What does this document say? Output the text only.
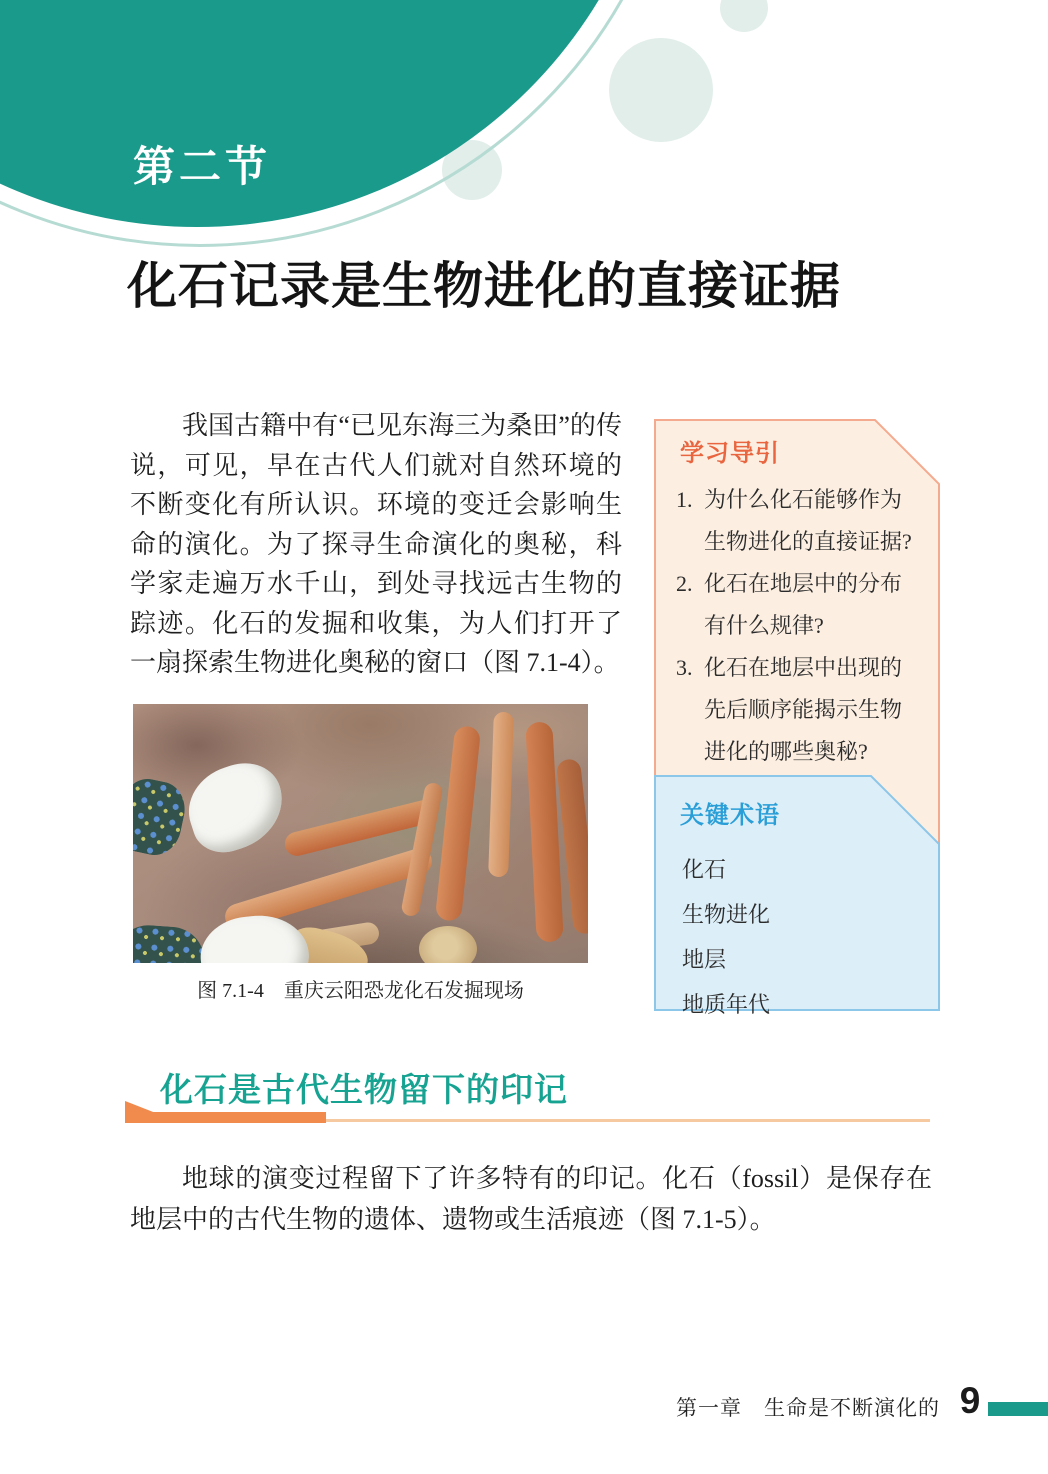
第二节
化石记录是生物进化的直接证据

我国古籍中有“已见东海三为桑田”的传说，可见，早在古代人们就对自然环境的不断变化有所认识。环境的变迁会影响生命的演化。为了探寻生命演化的奥秘，科学家走遍万水千山，到处寻找远古生物的踪迹。化石的发掘和收集，为人们打开了一扇探索生物进化奥秘的窗口（图 7.1-4）。

图 7.1-4　重庆云阳恐龙化石发掘现场
学习导引
1. 为什么化石能够作为生物进化的直接证据?
2. 化石在地层中的分布有什么规律?
3. 化石在地层中出现的先后顺序能揭示生物进化的哪些奥秘?
关键术语
化石
生物进化
地层
地质年代
化石是古代生物留下的印记

地球的演变过程留下了许多特有的印记。化石（fossil）是保存在地层中的古代生物的遗体、遗物或生活痕迹（图 7.1-5）。

第一章　生命是不断演化的 9
